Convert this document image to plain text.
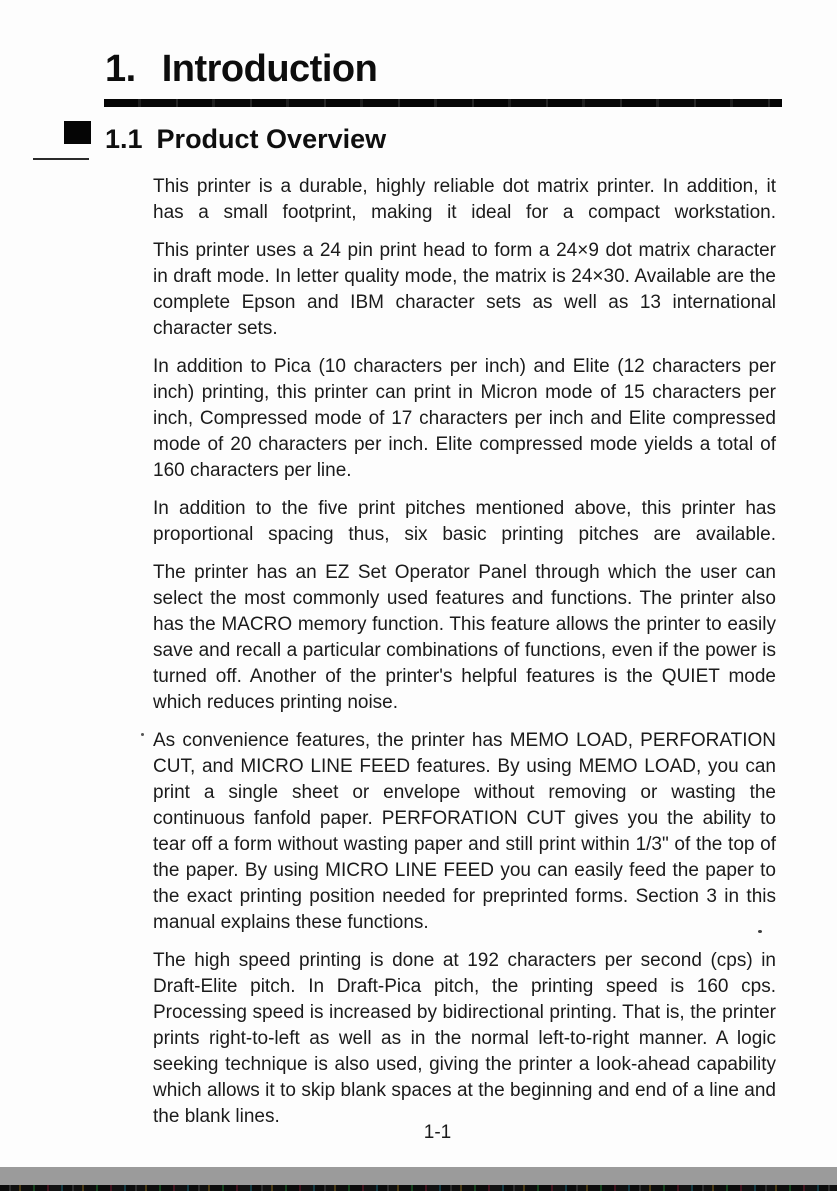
1. Introduction
1.1 Product Overview

This printer is a durable, highly reliable dot matrix printer. In addition, it has a small footprint, making it ideal for a compact workstation.

This printer uses a 24 pin print head to form a 24×9 dot matrix character in draft mode. In letter quality mode, the matrix is 24×30. Available are the complete Epson and IBM character sets as well as 13 international character sets.

In addition to Pica (10 characters per inch) and Elite (12 characters per inch) printing, this printer can print in Micron mode of 15 characters per inch, Compressed mode of 17 characters per inch and Elite compressed mode of 20 characters per inch. Elite compressed mode yields a total of 160 characters per line.

In addition to the five print pitches mentioned above, this printer has proportional spacing thus, six basic printing pitches are available.

The printer has an EZ Set Operator Panel through which the user can select the most commonly used features and functions. The printer also has the MACRO memory function. This feature allows the printer to easily save and recall a particular combinations of functions, even if the power is turned off. Another of the printer's helpful features is the QUIET mode which reduces printing noise.

As convenience features, the printer has MEMO LOAD, PERFORATION CUT, and MICRO LINE FEED features. By using MEMO LOAD, you can print a single sheet or envelope without removing or wasting the continuous fanfold paper. PERFORATION CUT gives you the ability to tear off a form without wasting paper and still print within 1/3" of the top of the paper. By using MICRO LINE FEED you can easily feed the paper to the exact printing position needed for preprinted forms. Section 3 in this manual explains these functions.

The high speed printing is done at 192 characters per second (cps) in Draft-Elite pitch. In Draft-Pica pitch, the printing speed is 160 cps. Processing speed is increased by bidirectional printing. That is, the printer prints right-to-left as well as in the normal left-to-right manner. A logic seeking technique is also used, giving the printer a look-ahead capability which allows it to skip blank spaces at the beginning and end of a line and the blank lines.

1-1
